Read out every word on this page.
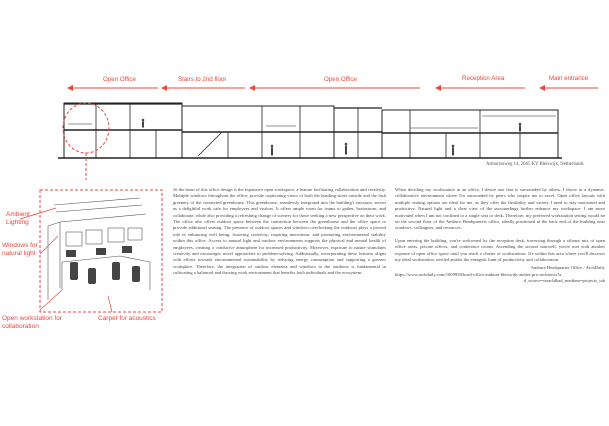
Open Office	Stairs to 2nd floor	Open Office	Reception Area	Main entrance
Arthurisnweg 14, 2665 KY Bleiswijk, Netherlands
Ambient Lighting
Windows for natural light
Open workstation for collaboration
Carpet for acoustics

At the heart of this office design is the expansive open workspace, a feature facilitating collaboration and creativity. Multiple windows throughout the office, provide captivating views of both the bustling street outside and the lush greenery of the connected greenhouse. This greenhouse, seamlessly integrated into the building's structure, serves as a delightful work cafe for employees and visitors. It offers ample room for teams to gather, brainstorm, and collaborate, while also providing a refreshing change of scenery for those seeking a new perspective on their work. The office also offers outdoor space between the connection between the greenhouse and the office space to provide additional seating. The presence of outdoor spaces and windows overlooking the outdoors plays a pivotal role in enhancing well being, fostering creativity, inspiring innovation, and promoting environmental stability within this office. Access to natural light and outdoor environments supports the physical and mental health of employees, creating a conducive atmosphere for increased productivity. Moreover, exposure to nature stimulates creativity and encourages novel approaches to problem-solving. Additionally, incorporating these features aligns with efforts towards environmental sustainability by reducing energy consumption and supporting a greener workplace. Therefore, the integration of outdoor elements and windows to the outdoors is fundamental in cultivating a balanced and thriving work environment that benefits both individuals and the ecosystem.

When deciding my workstation in an office, I desire one that is surrounded by others. I thrive in a dynamic, collaborative environment where I'm surrounded by peers who inspire me to excel. Open office layouts with multiple seating options are ideal for me, as they offer the flexibility and variety I need to stay motivated and productive. Natural light and a clear view of the surroundings further enhance my workspace. I am more motivated when I am not confined to a single seat or desk. Therefore, my preferred workstation setting would be on the second floor of the Ambura Headquarters office, ideally positioned at the back end of the building near windows, colleagues, and resources.

Upon entering the building, you're welcomed by the reception desk, traversing through a vibrant mix of open office areas, private offices, and conference rooms. Ascending the second stairwell, you're met with another expanse of open office space until you reach a cluster of workstations. It's within this area where you'll discover my ideal workstation, nestled amidst the energetic hum of productivity and collaboration.

Ambura Headquarter Office / ArchDaily

https://www.archdaily.com/1009958/head-office-ambura-bleiswijk-atelier-pro-architects?a

d_source=search&ad_medium=projects_tab
